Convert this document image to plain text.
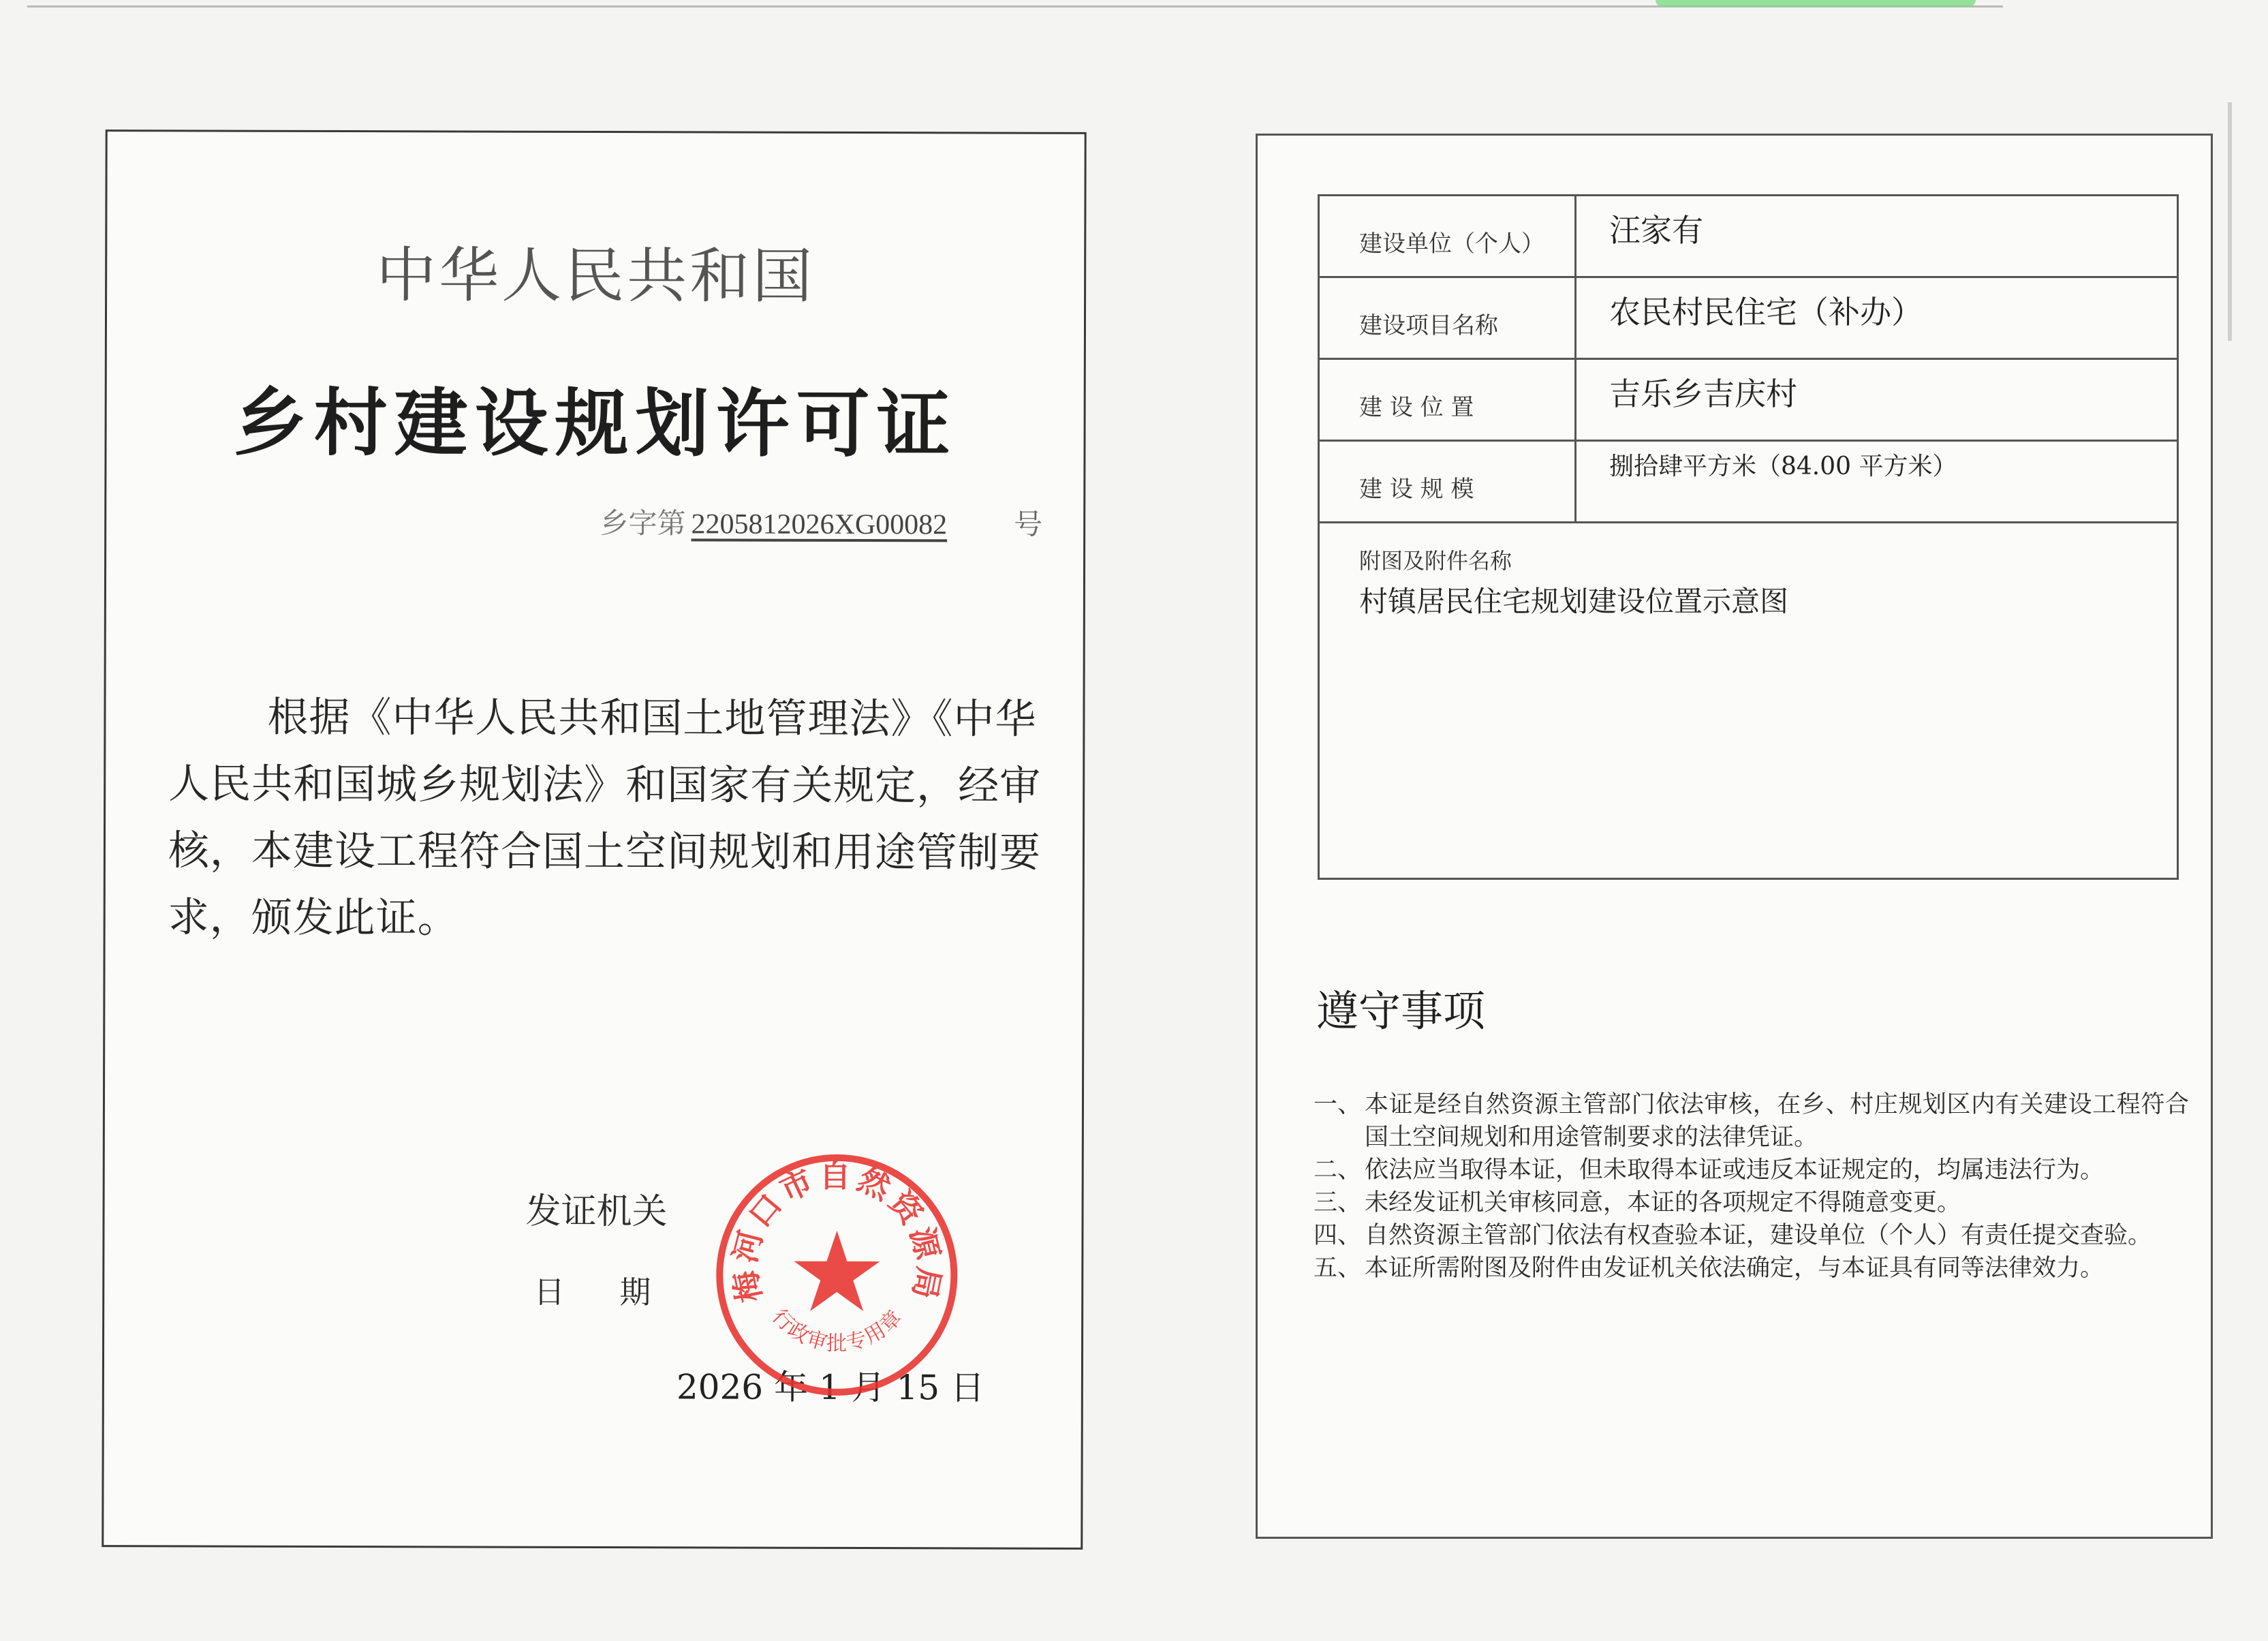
中华人民共和国
乡村建设规划许可证
乡字第 2205812026XG00082 号
根据《中华人民共和国土地管理法》《中华人民共和国城乡规划法》和国家有关规定，经审核，本建设工程符合国土空间规划和用途管制要求，颁发此证。
发证机关
日期
2026 年 1 月 15 日
梅河口市自然资源局
行政审批专用章
建设单位（个人）	汪家有
建设项目名称	农民村民住宅（补办）
建 设 位 置	吉乐乡吉庆村
建 设 规 模	捌拾肆平方米（84.00 平方米）

附图及附件名称
村镇居民住宅规划建设位置示意图	
遵守事项
一、 本证是经自然资源主管部门依法审核，在乡、村庄规划区内有关建设工程符合国土空间规划和用途管制要求的法律凭证。
二、 依法应当取得本证，但未取得本证或违反本证规定的，均属违法行为。
三、 未经发证机关审核同意，本证的各项规定不得随意变更。
四、 自然资源主管部门依法有权查验本证，建设单位（个人）有责任提交查验。
五、 本证所需附图及附件由发证机关依法确定，与本证具有同等法律效力。
